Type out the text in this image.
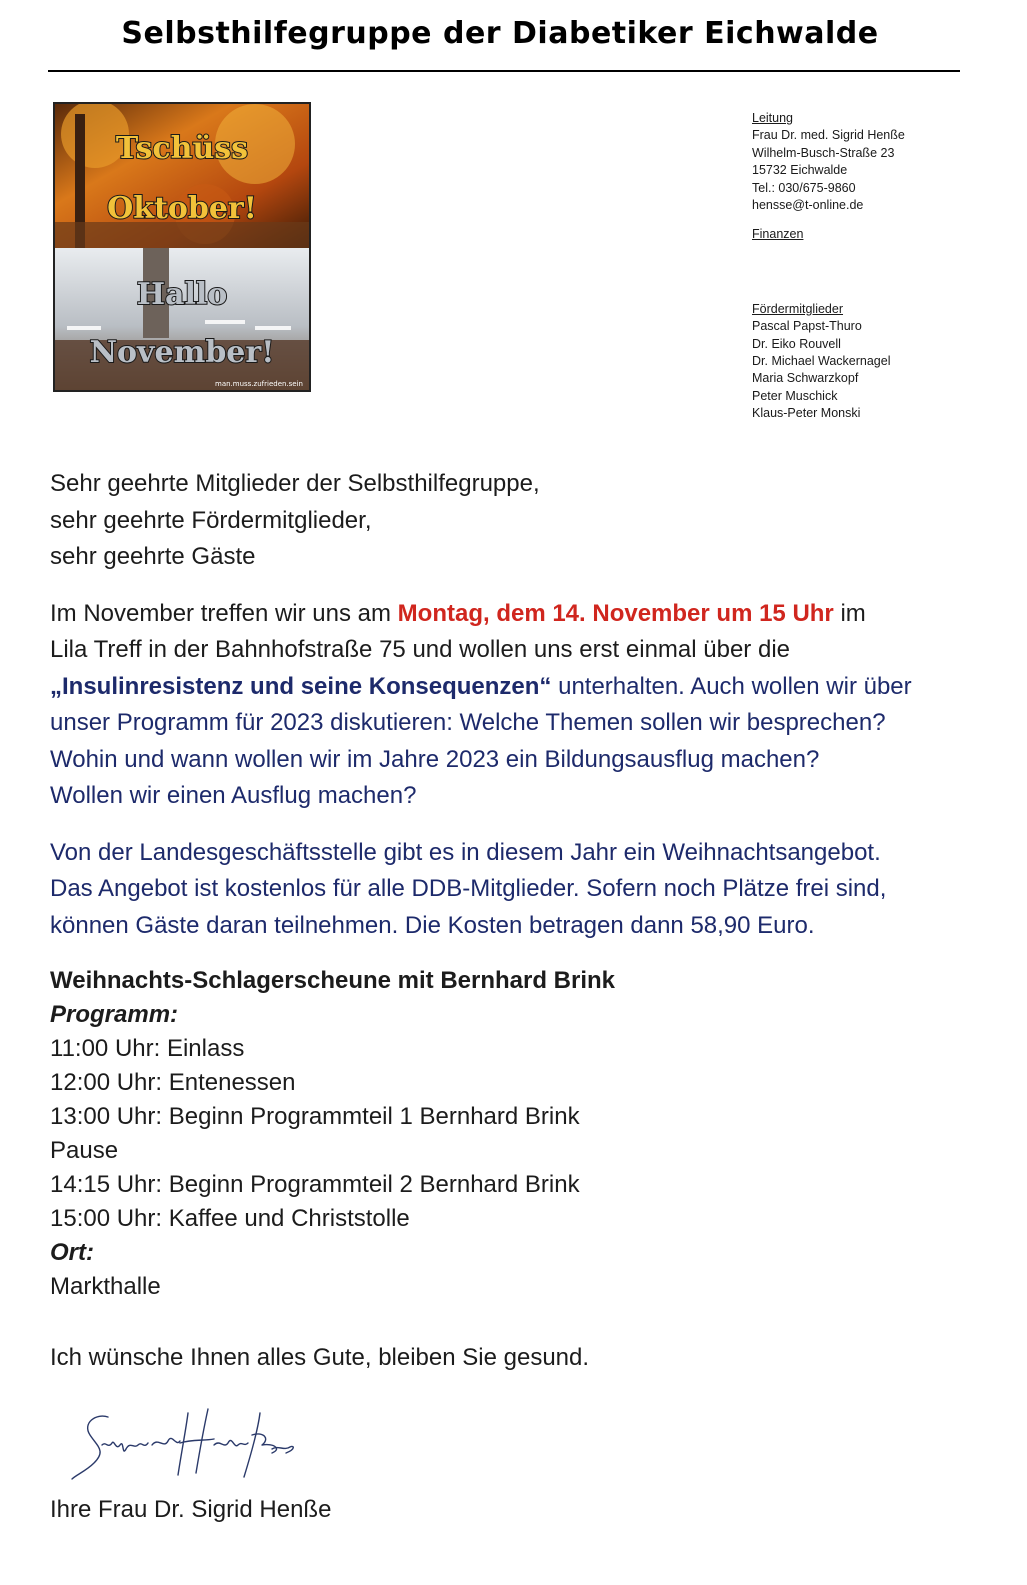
Selbsthilfegruppe der Diabetiker Eichwalde
Tschüss
Oktober!
Hallo
November!
man.muss.zufrieden.sein
Leitung
Frau Dr. med. Sigrid Henße
Wilhelm-Busch-Straße 23
15732 Eichwalde
Tel.: 030/675-9860
hensse@t-online.de
Finanzen
Fördermitglieder
Pascal Papst-Thuro
Dr. Eiko Rouvell
Dr. Michael Wackernagel
Maria Schwarzkopf
Peter Muschick
Klaus-Peter Monski

Sehr geehrte Mitglieder der Selbsthilfegruppe,

sehr geehrte Fördermitglieder,

sehr geehrte Gäste

Im November treffen wir uns am Montag, dem 14. November um 15 Uhr im

Lila Treff in der Bahnhofstraße 75 und wollen uns erst einmal über die

„Insulinresistenz und seine Konsequenzen“ unterhalten. Auch wollen wir über

unser Programm für 2023 diskutieren: Welche Themen sollen wir besprechen?

Wohin und wann wollen wir im Jahre 2023 ein Bildungsausflug machen?

Wollen wir einen Ausflug machen?

Von der Landesgeschäftsstelle gibt es in diesem Jahr ein Weihnachtsangebot.

Das Angebot ist kostenlos für alle DDB-Mitglieder. Sofern noch Plätze frei sind,

können Gäste daran teilnehmen. Die Kosten betragen dann 58,90 Euro.

Weihnachts-Schlagerscheune mit Bernhard Brink

Programm:

11:00 Uhr: Einlass

12:00 Uhr: Entenessen

13:00 Uhr: Beginn Programmteil 1 Bernhard Brink

Pause

14:15 Uhr: Beginn Programmteil 2 Bernhard Brink

15:00 Uhr: Kaffee und Christstolle

Ort:

Markthalle

Ich wünsche Ihnen alles Gute, bleiben Sie gesund.

Ihre Frau Dr. Sigrid Henße
